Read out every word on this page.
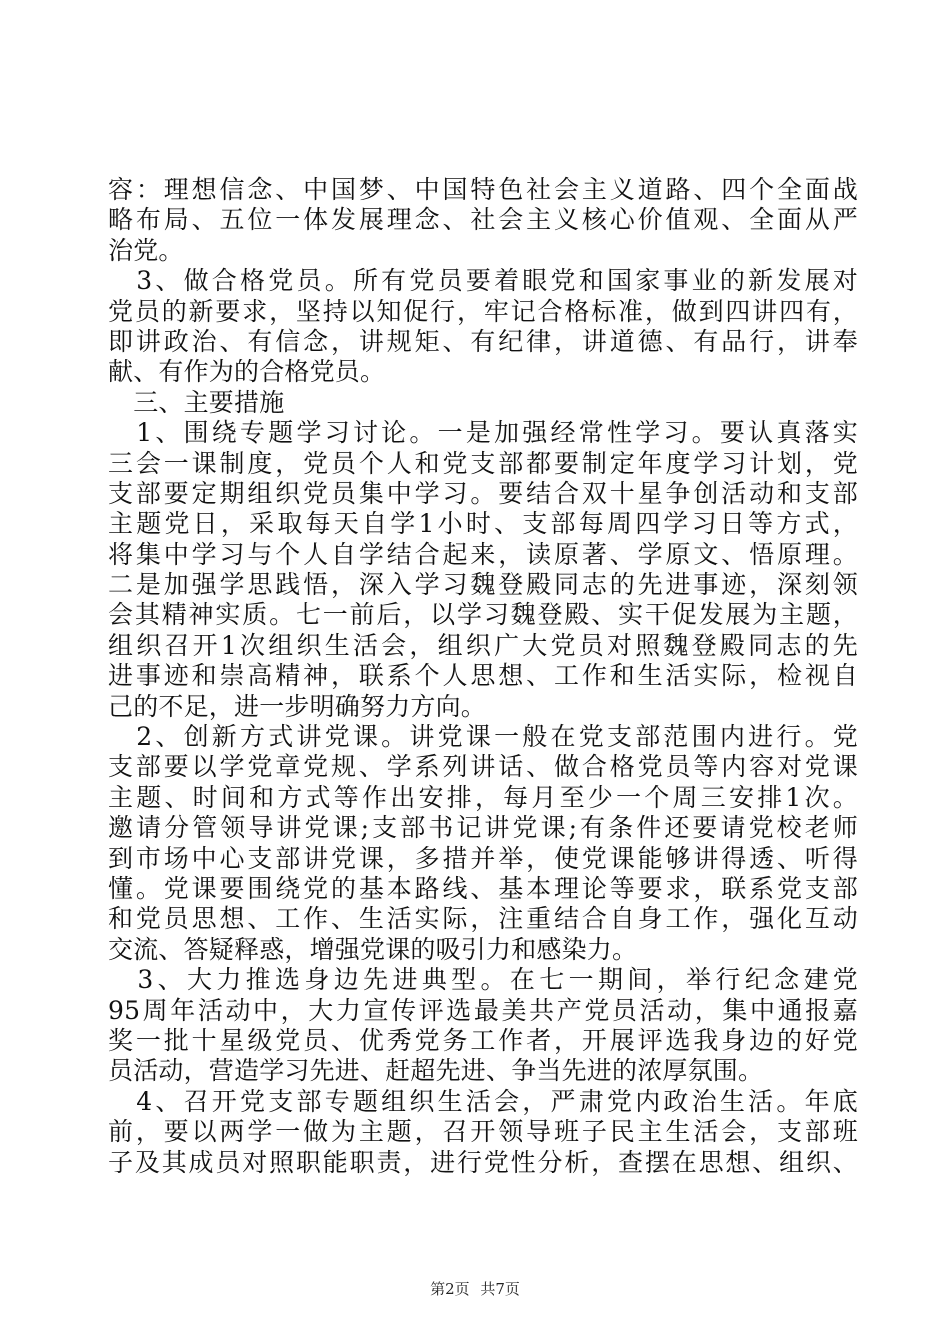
容：理想信念、中国梦、中国特色社会主义道路、四个全面战
略布局、五位一体发展理念、社会主义核心价值观、全面从严
治党。
　3、做合格党员。所有党员要着眼党和国家事业的新发展对
党员的新要求，坚持以知促行，牢记合格标准，做到四讲四有，
即讲政治、有信念，讲规矩、有纪律，讲道德、有品行，讲奉
献、有作为的合格党员。
　三、主要措施
　1、围绕专题学习讨论。一是加强经常性学习。要认真落实
三会一课制度，党员个人和党支部都要制定年度学习计划，党
支部要定期组织党员集中学习。要结合双十星争创活动和支部
主题党日，采取每天自学1小时、支部每周四学习日等方式，
将集中学习与个人自学结合起来，读原著、学原文、悟原理。
二是加强学思践悟，深入学习魏登殿同志的先进事迹，深刻领
会其精神实质。七一前后，以学习魏登殿、实干促发展为主题，
组织召开1次组织生活会，组织广大党员对照魏登殿同志的先
进事迹和崇高精神，联系个人思想、工作和生活实际，检视自
己的不足，进一步明确努力方向。
　2、创新方式讲党课。讲党课一般在党支部范围内进行。党
支部要以学党章党规、学系列讲话、做合格党员等内容对党课
主题、时间和方式等作出安排，每月至少一个周三安排1次。
邀请分管领导讲党课;支部书记讲党课;有条件还要请党校老师
到市场中心支部讲党课，多措并举，使党课能够讲得透、听得
懂。党课要围绕党的基本路线、基本理论等要求，联系党支部
和党员思想、工作、生活实际，注重结合自身工作，强化互动
交流、答疑释惑，增强党课的吸引力和感染力。
　3、大力推选身边先进典型。在七一期间，举行纪念建党
95周年活动中，大力宣传评选最美共产党员活动，集中通报嘉
奖一批十星级党员、优秀党务工作者，开展评选我身边的好党
员活动，营造学习先进、赶超先进、争当先进的浓厚氛围。
　4、召开党支部专题组织生活会，严肃党内政治生活。年底
前，要以两学一做为主题，召开领导班子民主生活会，支部班
子及其成员对照职能职责，进行党性分析，查摆在思想、组织、
第2页 共7页
